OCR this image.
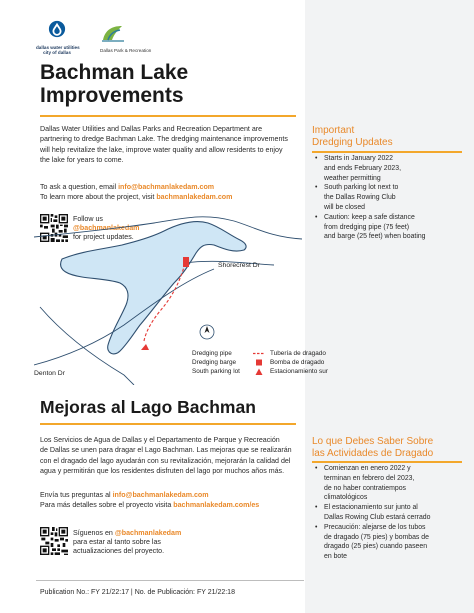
dallas water utilities
city of dallas	Dallas Park & Recreation
Bachman Lake
Improvements
Dallas Water Utilities and Dallas Parks and Recreation Department are
partnering to dredge Bachman Lake. The dredging maintenance improvements
will help revitalize the lake, improve water quality and allow residents to enjoy
the lake for years to come.
To ask a question, email info@bachmanlakedam.com
To learn more about the project, visit bachmanlakedam.com
Follow us
@bachmanlakedam
for project updates.
Important
Dredging Updates
• Starts in January 2022
and ends February 2023,
weather permitting
• South parking lot next to
the Dallas Rowing Club
will be closed
• Caution: keep a safe distance
from dredging pipe (75 feet)
and barge (25 feet) when boating
Shorecrest Dr
Denton Dr
Dredging pipe	Tubería de dragado
Dredging barge	Bomba de dragado
South parking lot	Estacionamiento sur
Mejoras al Lago Bachman
Los Servicios de Agua de Dallas y el Departamento de Parque y Recreación
de Dallas se unen para dragar el Lago Bachman. Las mejoras que se realizarán
con el dragado del lago ayudarán con su revitalización, mejorarán la calidad del
agua y permitirán que los residentes disfruten del lago por muchos años más.
Envía tus preguntas al info@bachmanlakedam.com
Para más detalles sobre el proyecto visita bachmanlakedam.com/es
Síguenos en @bachmanlakedam
para estar al tanto sobre las
actualizaciones del proyecto.
Lo que Debes Saber Sobre
las Actividades de Dragado
• Comienzan en enero 2022 y
terminan en febrero del 2023,
de no haber contratiempos
climatológicos
• El estacionamiento sur junto al
Dallas Rowing Club estará cerrado
• Precaución: alejarse de los tubos
de dragado (75 pies) y bombas de
dragado (25 pies) cuando paseen
en bote
Publication No.: FY 21/22:17 | No. de Publicación: FY 21/22:18
